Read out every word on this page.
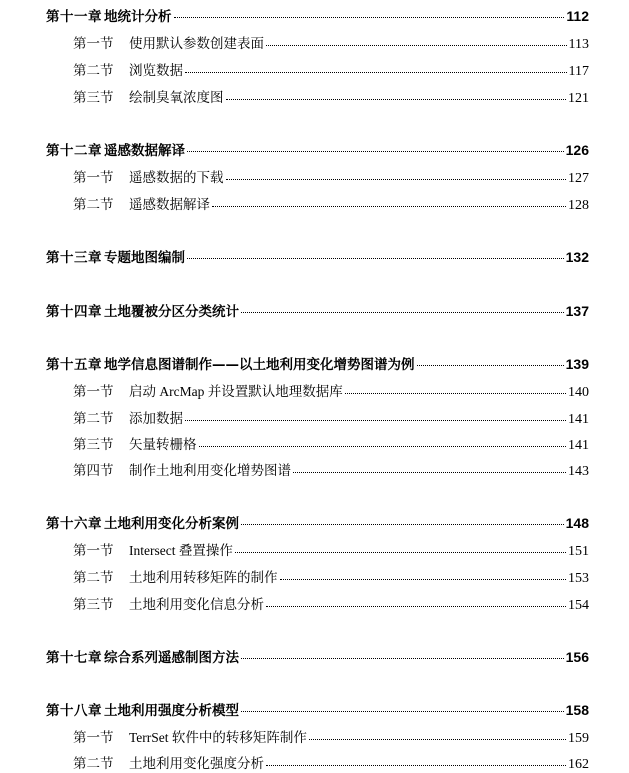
第十一章 地统计分析	112
第一节	使用默认参数创建表面	113
第二节	浏览数据	117
第三节	绘制臭氧浓度图	121
第十二章 遥感数据解译	126
第一节	遥感数据的下载	127
第二节	遥感数据解译	128
第十三章 专题地图编制	132
第十四章 土地覆被分区分类统计	137
第十五章 地学信息图谱制作——以土地利用变化增势图谱为例	139
第一节	启动 ArcMap 并设置默认地理数据库	140
第二节	添加数据	141
第三节	矢量转栅格	141
第四节	制作土地利用变化增势图谱	143
第十六章 土地利用变化分析案例	148
第一节	Intersect 叠置操作	151
第二节	土地利用转移矩阵的制作	153
第三节	土地利用变化信息分析	154
第十七章 综合系列遥感制图方法	156
第十八章 土地利用强度分析模型	158
第一节	TerrSet 软件中的转移矩阵制作	159
第二节	土地利用变化强度分析	162
